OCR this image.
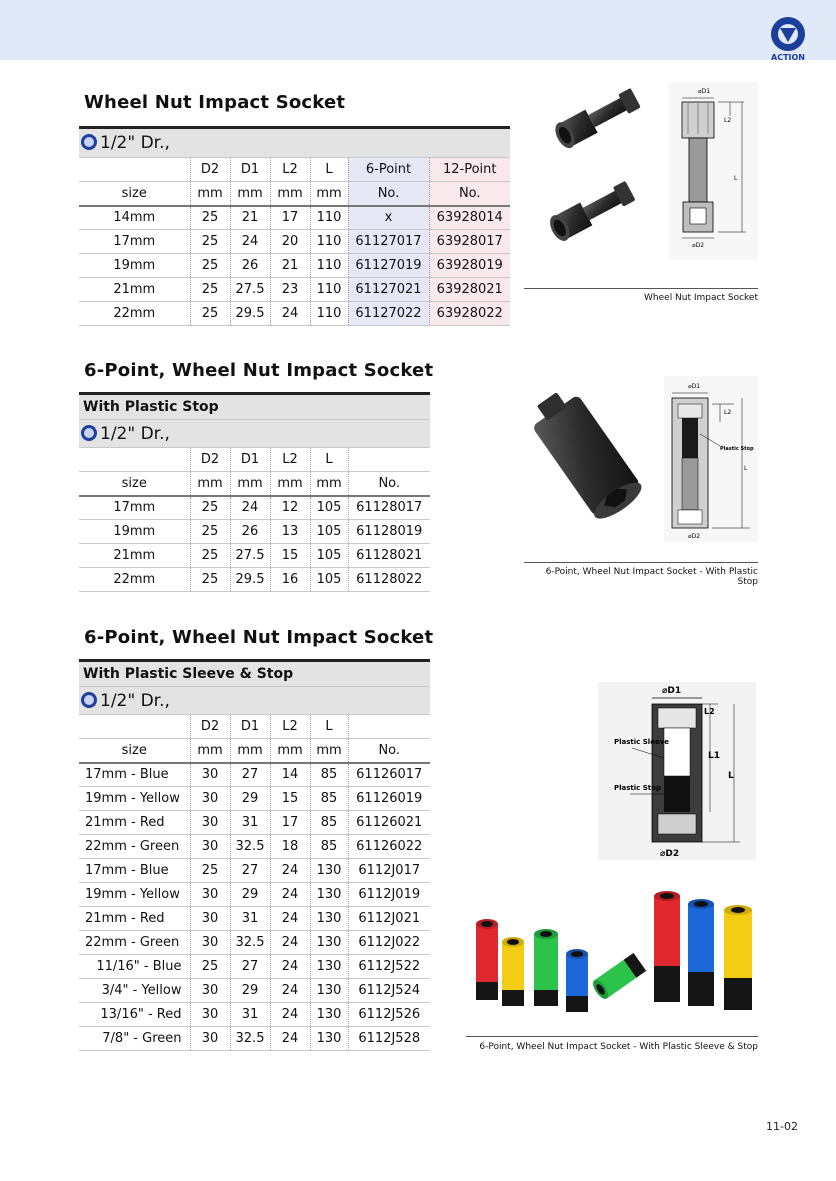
ACTION
Wheel Nut Impact Socket
1/2" Dr.,						
	D2	D1	L2	L	6-Point	12-Point
size	mm	mm	mm	mm	No.	No.
14mm	25	21	17	110	x	63928014
17mm	25	24	20	110	61127017	63928017
19mm	25	26	21	110	61127019	63928019
21mm	25	27.5	23	110	61127021	63928021
22mm	25	29.5	24	110	61127022	63928022
⌀D1
L2
L
⌀D2
Wheel Nut Impact Socket
6-Point, Wheel Nut Impact Socket
With Plastic Stop					
1/2" Dr.,					
	D2	D1	L2	L	
size	mm	mm	mm	mm	No.
17mm	25	24	12	105	61128017
19mm	25	26	13	105	61128019
21mm	25	27.5	15	105	61128021
22mm	25	29.5	16	105	61128022
⌀D1
L2
Plastic Stop
L
⌀D2
6-Point, Wheel Nut Impact Socket - With Plastic Stop
6-Point, Wheel Nut Impact Socket
With Plastic Sleeve & Stop					
1/2" Dr.,					
	D2	D1	L2	L	
size	mm	mm	mm	mm	No.
17mm - Blue	30	27	14	85	61126017
19mm - Yellow	30	29	15	85	61126019
21mm - Red	30	31	17	85	61126021
22mm - Green	30	32.5	18	85	61126022
17mm - Blue	25	27	24	130	6112J017
19mm - Yellow	30	29	24	130	6112J019
21mm - Red	30	31	24	130	6112J021
22mm - Green	30	32.5	24	130	6112J022
11/16" - Blue	25	27	24	130	6112J522
3/4" - Yellow	30	29	24	130	6112J524
13/16" - Red	30	31	24	130	6112J526
7/8" - Green	30	32.5	24	130	6112J528
⌀D1
L2
Plastic Sleeve
L1
L
Plastic Stop
⌀D2
6-Point, Wheel Nut Impact Socket - With Plastic Sleeve & Stop
11-02
